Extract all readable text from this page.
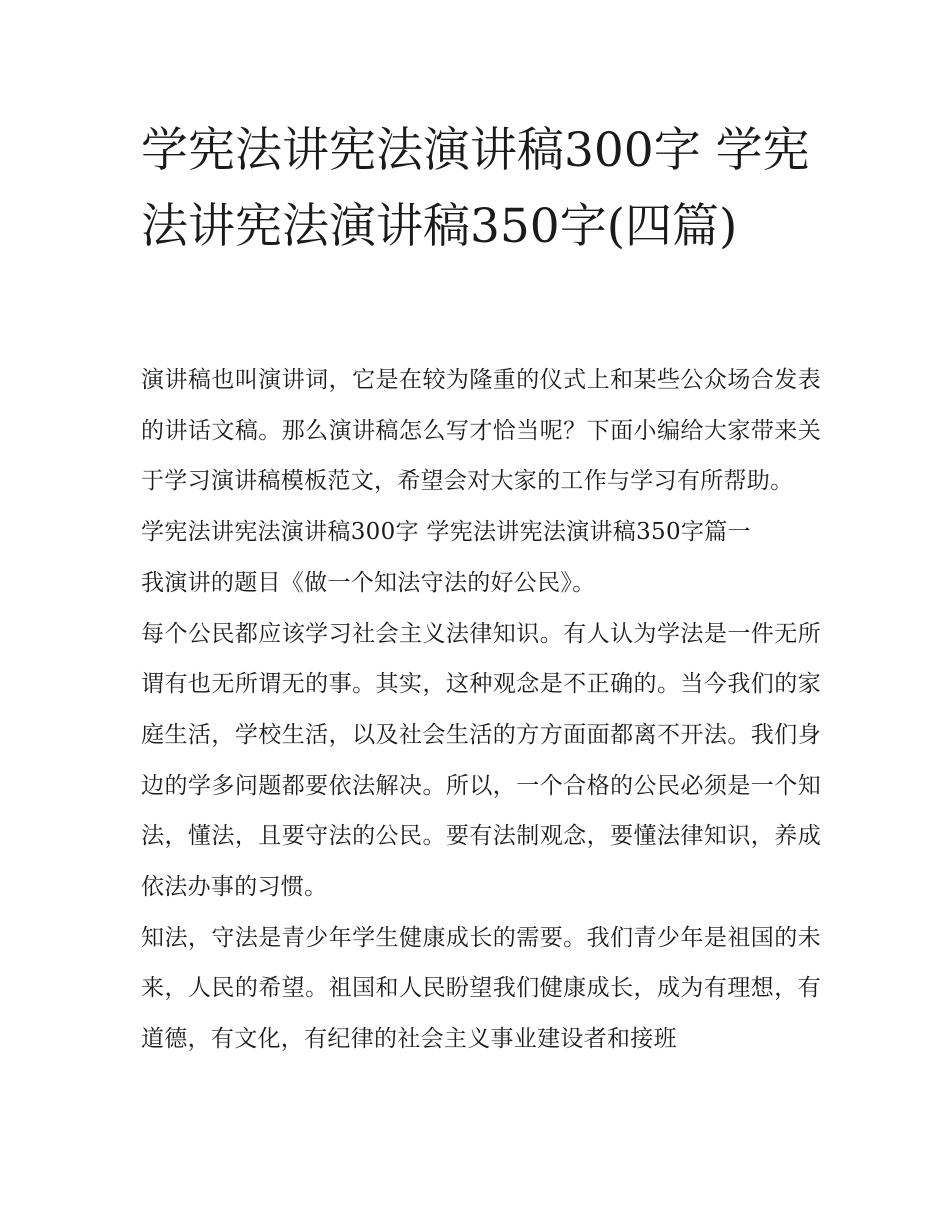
学宪法讲宪法演讲稿300字 学宪法讲宪法演讲稿350字(四篇)

演讲稿也叫演讲词，它是在较为隆重的仪式上和某些公众场合发表的讲话文稿。那么演讲稿怎么写才恰当呢？下面小编给大家带来关于学习演讲稿模板范文，希望会对大家的工作与学习有所帮助。

学宪法讲宪法演讲稿300字 学宪法讲宪法演讲稿350字篇一

我演讲的题目《做一个知法守法的好公民》。

每个公民都应该学习社会主义法律知识。有人认为学法是一件无所谓有也无所谓无的事。其实，这种观念是不正确的。当今我们的家庭生活，学校生活，以及社会生活的方方面面都离不开法。我们身边的学多问题都要依法解决。所以，一个合格的公民必须是一个知法，懂法，且要守法的公民。要有法制观念，要懂法律知识，养成依法办事的习惯。

知法，守法是青少年学生健康成长的需要。我们青少年是祖国的未来，人民的希望。祖国和人民盼望我们健康成长，成为有理想，有道德，有文化，有纪律的社会主义事业建设者和接班
